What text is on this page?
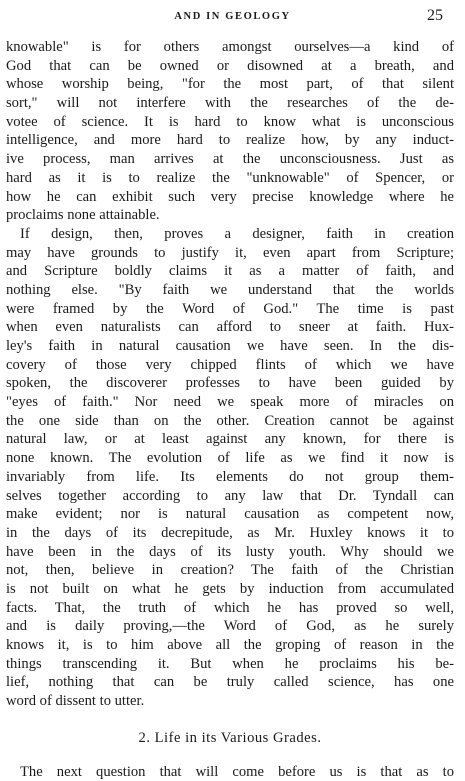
AND IN GEOLOGY	25
knowable" is for others amongst ourselves—a kind of
God that can be owned or disowned at a breath, and
whose worship being, "for the most part, of that silent
sort," will not interfere with the researches of the de-
votee of science. It is hard to know what is unconscious
intelligence, and more hard to realize how, by any induct-
ive process, man arrives at the unconsciousness. Just as
hard as it is to realize the "unknowable" of Spencer, or
how he can exhibit such very precise knowledge where he
proclaims none attainable.
If design, then, proves a designer, faith in creation
may have grounds to justify it, even apart from Scripture;
and Scripture boldly claims it as a matter of faith, and
nothing else. "By faith we understand that the worlds
were framed by the Word of God." The time is past
when even naturalists can afford to sneer at faith. Hux-
ley's faith in natural causation we have seen. In the dis-
covery of those very chipped flints of which we have
spoken, the discoverer professes to have been guided by
"eyes of faith." Nor need we speak more of miracles on
the one side than on the other. Creation cannot be against
natural law, or at least against any known, for there is
none known. The evolution of life as we find it now is
invariably from life. Its elements do not group them-
selves together according to any law that Dr. Tyndall can
make evident; nor is natural causation as competent now,
in the days of its decrepitude, as Mr. Huxley knows it to
have been in the days of its lusty youth. Why should we
not, then, believe in creation? The faith of the Christian
is not built on what he gets by induction from accumulated
facts. That, the truth of which he has proved so well,
and is daily proving,—the Word of God, as he surely
knows it, is to him above all the groping of reason in the
things transcending it. But when he proclaims his be-
lief, nothing that can be truly called science, has one
word of dissent to utter.
2. Life in its Various Grades.
The next question that will come before us is that as to
